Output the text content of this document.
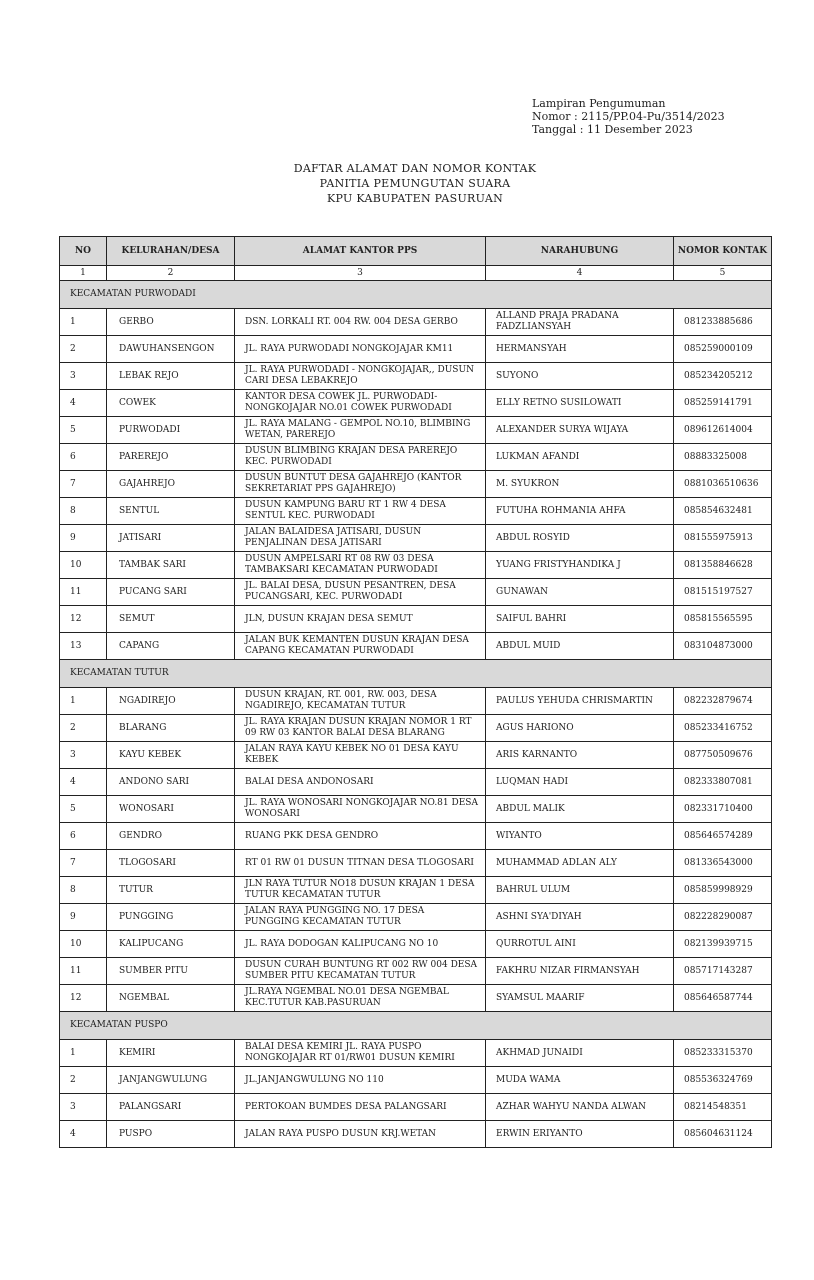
Lampiran Pengumuman
Nomor : 2115/PP.04-Pu/3514/2023
Tanggal : 11 Desember 2023
DAFTAR ALAMAT DAN NOMOR KONTAK
PANITIA PEMUNGUTAN SUARA
KPU KABUPATEN PASURUAN
NO	KELURAHAN/DESA	ALAMAT KANTOR PPS	NARAHUBUNG	NOMOR KONTAK
1	2	3	4	5
KECAMATAN PURWODADI				
1	GERBO	DSN. LORKALI RT. 004 RW. 004 DESA GERBO	ALLAND PRAJA PRADANA FADZLIANSYAH	081233885686
2	DAWUHANSENGON	JL. RAYA PURWODADI NONGKOJAJAR KM11	HERMANSYAH	085259000109
3	LEBAK REJO	JL. RAYA PURWODADI - NONGKOJAJAR,, DUSUN CARI DESA LEBAKREJO	SUYONO	085234205212
4	COWEK	KANTOR DESA COWEK JL. PURWODADI-NONGKOJAJAR NO.01 COWEK PURWODADI	ELLY RETNO SUSILOWATI	085259141791
5	PURWODADI	JL. RAYA MALANG - GEMPOL NO.10, BLIMBING WETAN, PAREREJO	ALEXANDER SURYA WIJAYA	089612614004
6	PAREREJO	DUSUN BLIMBING KRAJAN DESA PAREREJO KEC. PURWODADI	LUKMAN AFANDI	08883325008
7	GAJAHREJO	DUSUN BUNTUT DESA GAJAHREJO (KANTOR SEKRETARIAT PPS GAJAHREJO)	M. SYUKRON	0881036510636
8	SENTUL	DUSUN KAMPUNG BARU RT 1 RW 4 DESA SENTUL KEC. PURWODADI	FUTUHA ROHMANIA AHFA	085854632481
9	JATISARI	JALAN BALAIDESA JATISARI, DUSUN PENJALINAN DESA JATISARI	ABDUL ROSYID	081555975913
10	TAMBAK SARI	DUSUN AMPELSARI RT 08 RW 03 DESA TAMBAKSARI KECAMATAN PURWODADI	YUANG FRISTYHANDIKA J	081358846628
11	PUCANG SARI	JL. BALAI DESA, DUSUN PESANTREN, DESA PUCANGSARI, KEC. PURWODADI	GUNAWAN	081515197527
12	SEMUT	JLN, DUSUN KRAJAN DESA SEMUT	SAIFUL BAHRI	085815565595
13	CAPANG	JALAN BUK KEMANTEN DUSUN KRAJAN DESA CAPANG KECAMATAN PURWODADI	ABDUL MUID	083104873000
KECAMATAN TUTUR				
1	NGADIREJO	DUSUN KRAJAN, RT. 001, RW. 003, DESA NGADIREJO, KECAMATAN TUTUR	PAULUS YEHUDA CHRISMARTIN	082232879674
2	BLARANG	JL. RAYA KRAJAN DUSUN KRAJAN NOMOR 1 RT 09 RW 03 KANTOR BALAI DESA BLARANG	AGUS HARIONO	085233416752
3	KAYU KEBEK	JALAN RAYA KAYU KEBEK NO 01 DESA KAYU KEBEK	ARIS KARNANTO	087750509676
4	ANDONO SARI	BALAI DESA ANDONOSARI	LUQMAN HADI	082333807081
5	WONOSARI	JL. RAYA WONOSARI NONGKOJAJAR NO.81 DESA WONOSARI	ABDUL MALIK	082331710400
6	GENDRO	RUANG PKK DESA GENDRO	WIYANTO	085646574289
7	TLOGOSARI	RT 01 RW 01 DUSUN TITNAN DESA TLOGOSARI	MUHAMMAD ADLAN ALY	081336543000
8	TUTUR	JLN RAYA TUTUR NO18 DUSUN KRAJAN 1 DESA TUTUR KECAMATAN TUTUR	BAHRUL ULUM	085859998929
9	PUNGGING	JALAN RAYA PUNGGING NO. 17 DESA PUNGGING KECAMATAN TUTUR	ASHNI SYA'DIYAH	082228290087
10	KALIPUCANG	JL. RAYA DODOGAN KALIPUCANG NO 10	QURROTUL AINI	082139939715
11	SUMBER PITU	DUSUN CURAH BUNTUNG RT 002 RW 004 DESA SUMBER PITU KECAMATAN TUTUR	FAKHRU NIZAR FIRMANSYAH	085717143287
12	NGEMBAL	JL.RAYA NGEMBAL NO.01 DESA NGEMBAL KEC.TUTUR KAB.PASURUAN	SYAMSUL MAARIF	085646587744
KECAMATAN PUSPO				
1	KEMIRI	BALAI DESA KEMIRI JL. RAYA PUSPO NONGKOJAJAR RT 01/RW01 DUSUN KEMIRI	AKHMAD JUNAIDI	085233315370
2	JANJANGWULUNG	JL.JANJANGWULUNG NO 110	MUDA WAMA	085536324769
3	PALANGSARI	PERTOKOAN BUMDES DESA PALANGSARI	AZHAR WAHYU NANDA ALWAN	08214548351
4	PUSPO	JALAN RAYA PUSPO DUSUN KRJ.WETAN	ERWIN ERIYANTO	085604631124
